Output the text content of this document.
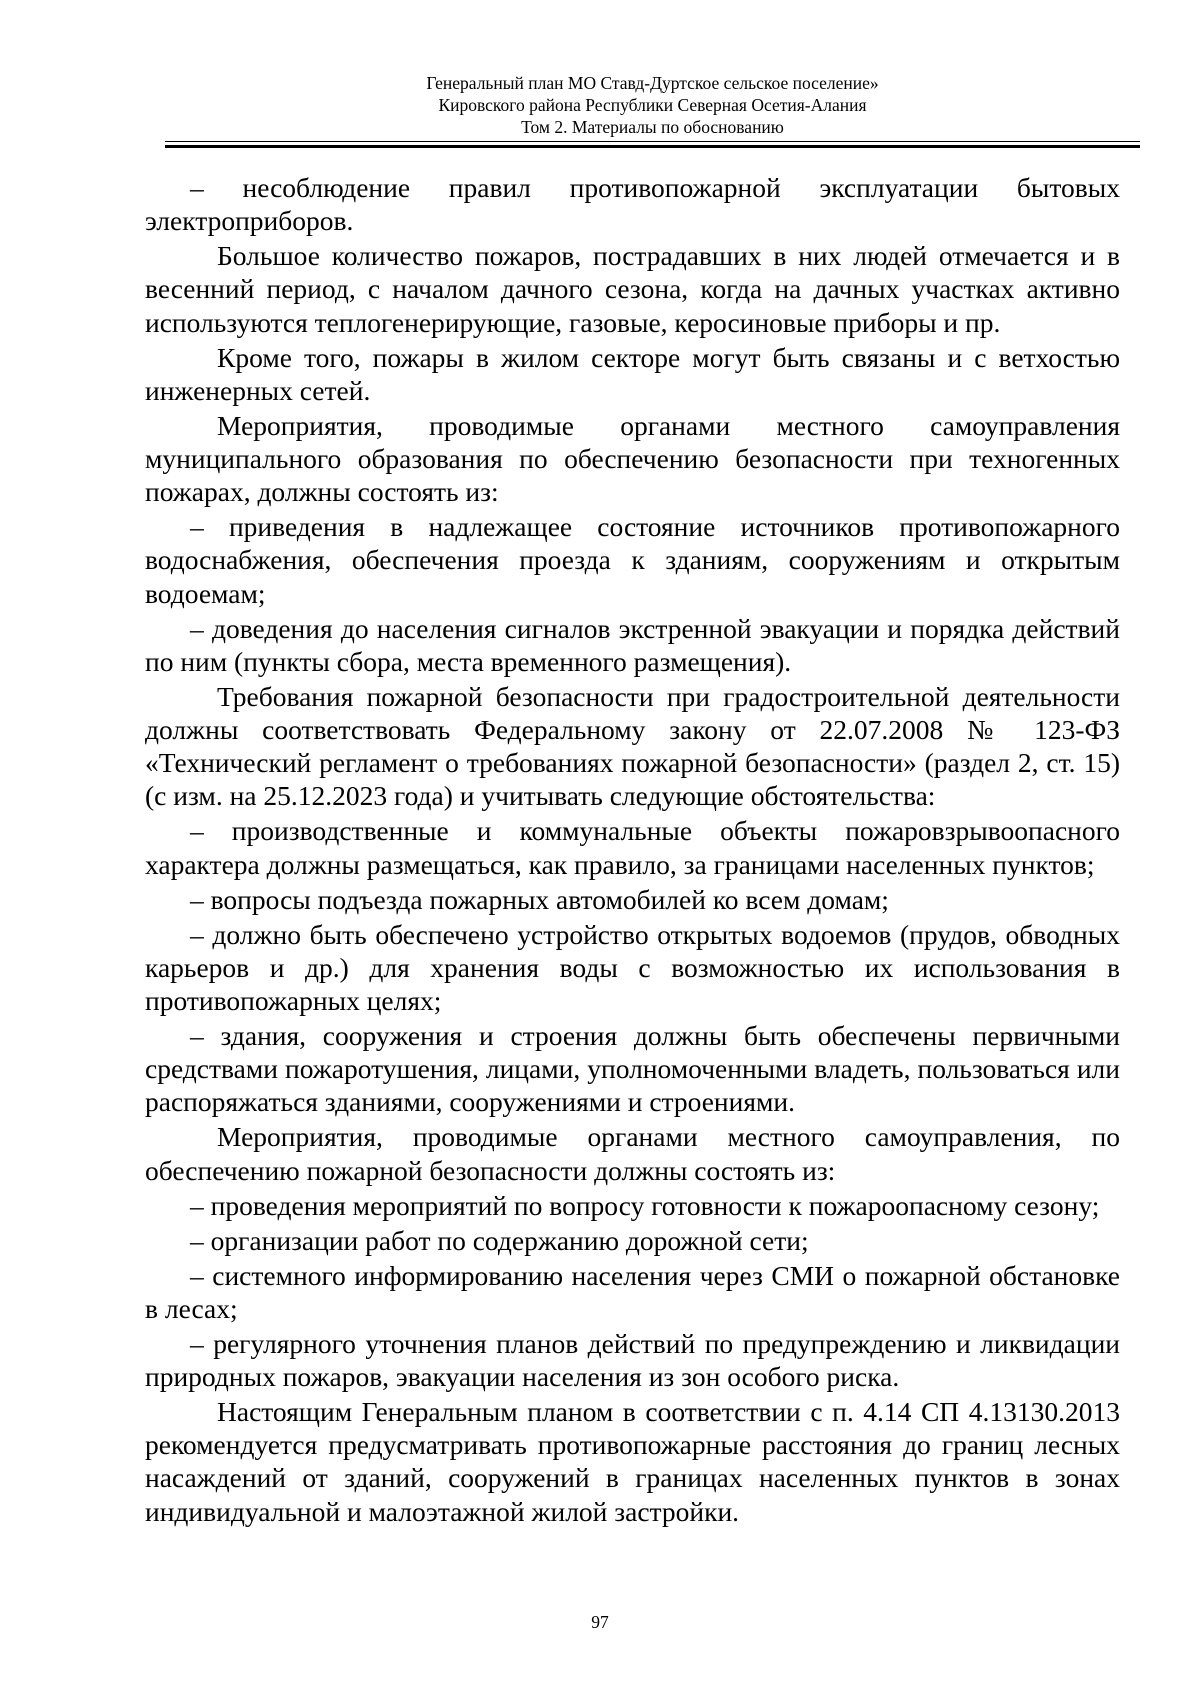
Генеральный план МО Ставд-Дуртское сельское поселение»
Кировского района Республики Северная Осетия-Алания
Том 2. Материалы по обоснованию

– несоблюдение правил противопожарной эксплуатации бытовых электроприборов.

Большое количество пожаров, пострадавших в них людей отмечается и в весенний период, с началом дачного сезона, когда на дачных участках активно используются теплогенерирующие, газовые, керосиновые приборы и пр.

Кроме того, пожары в жилом секторе могут быть связаны и с ветхостью инженерных сетей.

Мероприятия, проводимые органами местного самоуправления муниципального образования по обеспечению безопасности при техногенных пожарах, должны состоять из:

– приведения в надлежащее состояние источников противопожарного водоснабжения, обеспечения проезда к зданиям, сооружениям и открытым водоемам;

– доведения до населения сигналов экстренной эвакуации и порядка действий по ним (пункты сбора, места временного размещения).

Требования пожарной безопасности при градостроительной деятельности должны соответствовать Федеральному закону от 22.07.2008 № 123-ФЗ «Технический регламент о требованиях пожарной безопасности» (раздел 2, ст. 15) (с изм. на 25.12.2023 года) и учитывать следующие обстоятельства:

– производственные и коммунальные объекты пожаровзрывоопасного характера должны размещаться, как правило, за границами населенных пунктов;

– вопросы подъезда пожарных автомобилей ко всем домам;

– должно быть обеспечено устройство открытых водоемов (прудов, обводных карьеров и др.) для хранения воды с возможностью их использования в противопожарных целях;

– здания, сооружения и строения должны быть обеспечены первичными средствами пожаротушения, лицами, уполномоченными владеть, пользоваться или распоряжаться зданиями, сооружениями и строениями.

Мероприятия, проводимые органами местного самоуправления, по обеспечению пожарной безопасности должны состоять из:

– проведения мероприятий по вопросу готовности к пожароопасному сезону;

– организации работ по содержанию дорожной сети;

– системного информированию населения через СМИ о пожарной обстановке в лесах;

– регулярного уточнения планов действий по предупреждению и ликвидации природных пожаров, эвакуации населения из зон особого риска.

Настоящим Генеральным планом в соответствии с п. 4.14 СП 4.13130.2013 рекомендуется предусматривать противопожарные расстояния до границ лесных насаждений от зданий, сооружений в границах населенных пунктов в зонах индивидуальной и малоэтажной жилой застройки.

97
